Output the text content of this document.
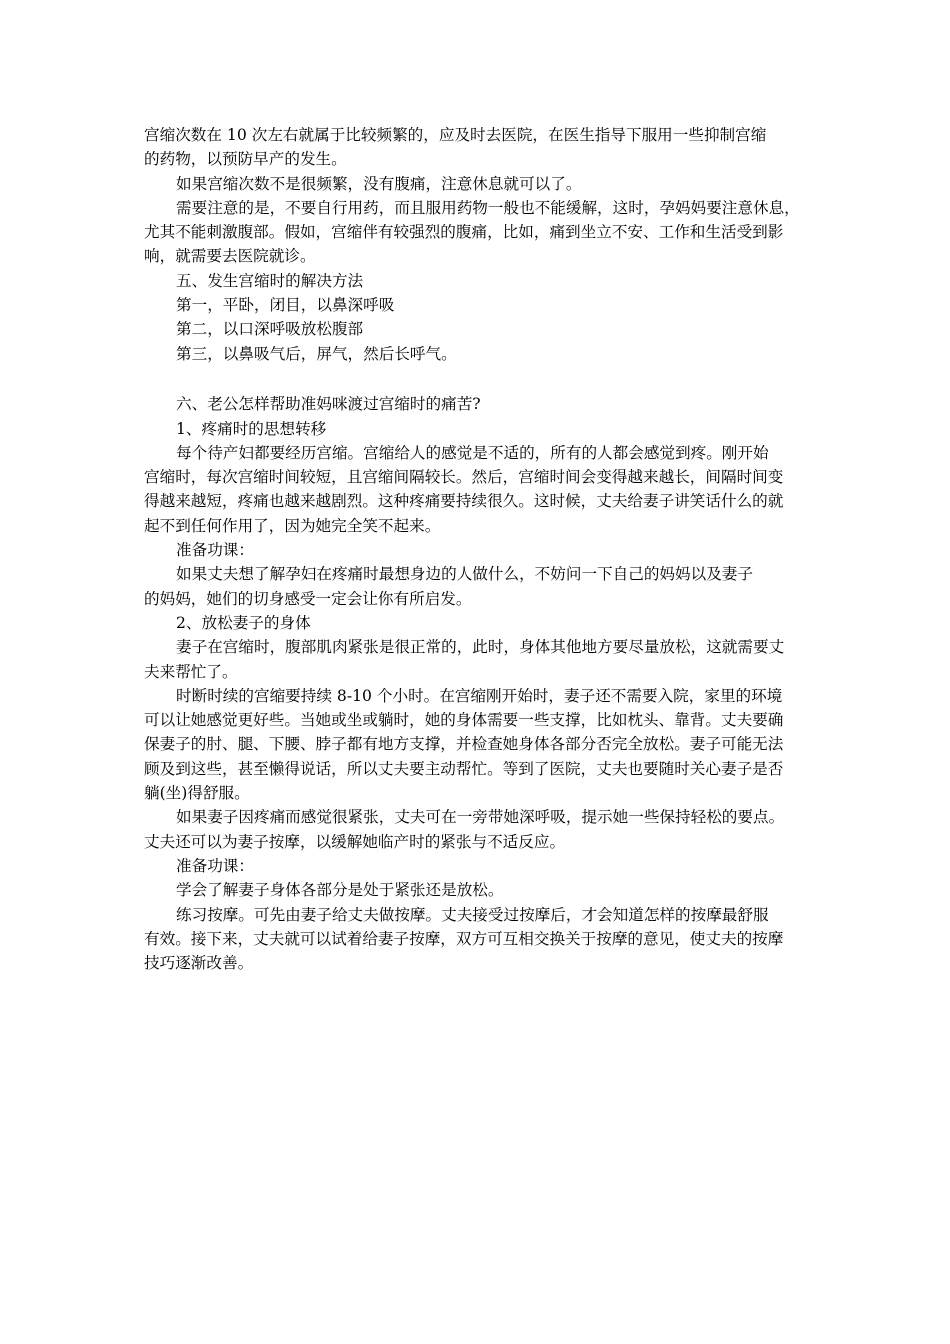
宫缩次数在 10 次左右就属于比较频繁的，应及时去医院，在医生指导下服用一些抑制宫缩
的药物，以预防早产的发生。
如果宫缩次数不是很频繁，没有腹痛，注意休息就可以了。
需要注意的是，不要自行用药，而且服用药物一般也不能缓解，这时，孕妈妈要注意休息，
尤其不能刺激腹部。假如，宫缩伴有较强烈的腹痛，比如，痛到坐立不安、工作和生活受到影
响，就需要去医院就诊。
五、发生宫缩时的解决方法
第一，平卧，闭目，以鼻深呼吸
第二，以口深呼吸放松腹部
第三，以鼻吸气后，屏气，然后长呼气。
六、老公怎样帮助准妈咪渡过宫缩时的痛苦?
1、疼痛时的思想转移
每个待产妇都要经历宫缩。宫缩给人的感觉是不适的，所有的人都会感觉到疼。刚开始
宫缩时，每次宫缩时间较短，且宫缩间隔较长。然后，宫缩时间会变得越来越长，间隔时间变
得越来越短，疼痛也越来越剧烈。这种疼痛要持续很久。这时候，丈夫给妻子讲笑话什么的就
起不到任何作用了，因为她完全笑不起来。
准备功课：
如果丈夫想了解孕妇在疼痛时最想身边的人做什么，不妨问一下自己的妈妈以及妻子
的妈妈，她们的切身感受一定会让你有所启发。
2、放松妻子的身体
妻子在宫缩时，腹部肌肉紧张是很正常的，此时，身体其他地方要尽量放松，这就需要丈
夫来帮忙了。
时断时续的宫缩要持续 8-10 个小时。在宫缩刚开始时，妻子还不需要入院，家里的环境
可以让她感觉更好些。当她或坐或躺时，她的身体需要一些支撑，比如枕头、靠背。丈夫要确
保妻子的肘、腿、下腰、脖子都有地方支撑，并检查她身体各部分否完全放松。妻子可能无法
顾及到这些，甚至懒得说话，所以丈夫要主动帮忙。等到了医院，丈夫也要随时关心妻子是否
躺(坐)得舒服。
如果妻子因疼痛而感觉很紧张，丈夫可在一旁带她深呼吸，提示她一些保持轻松的要点。
丈夫还可以为妻子按摩，以缓解她临产时的紧张与不适反应。
准备功课：
学会了解妻子身体各部分是处于紧张还是放松。
练习按摩。可先由妻子给丈夫做按摩。丈夫接受过按摩后，才会知道怎样的按摩最舒服
有效。接下来，丈夫就可以试着给妻子按摩，双方可互相交换关于按摩的意见，使丈夫的按摩
技巧逐渐改善。
